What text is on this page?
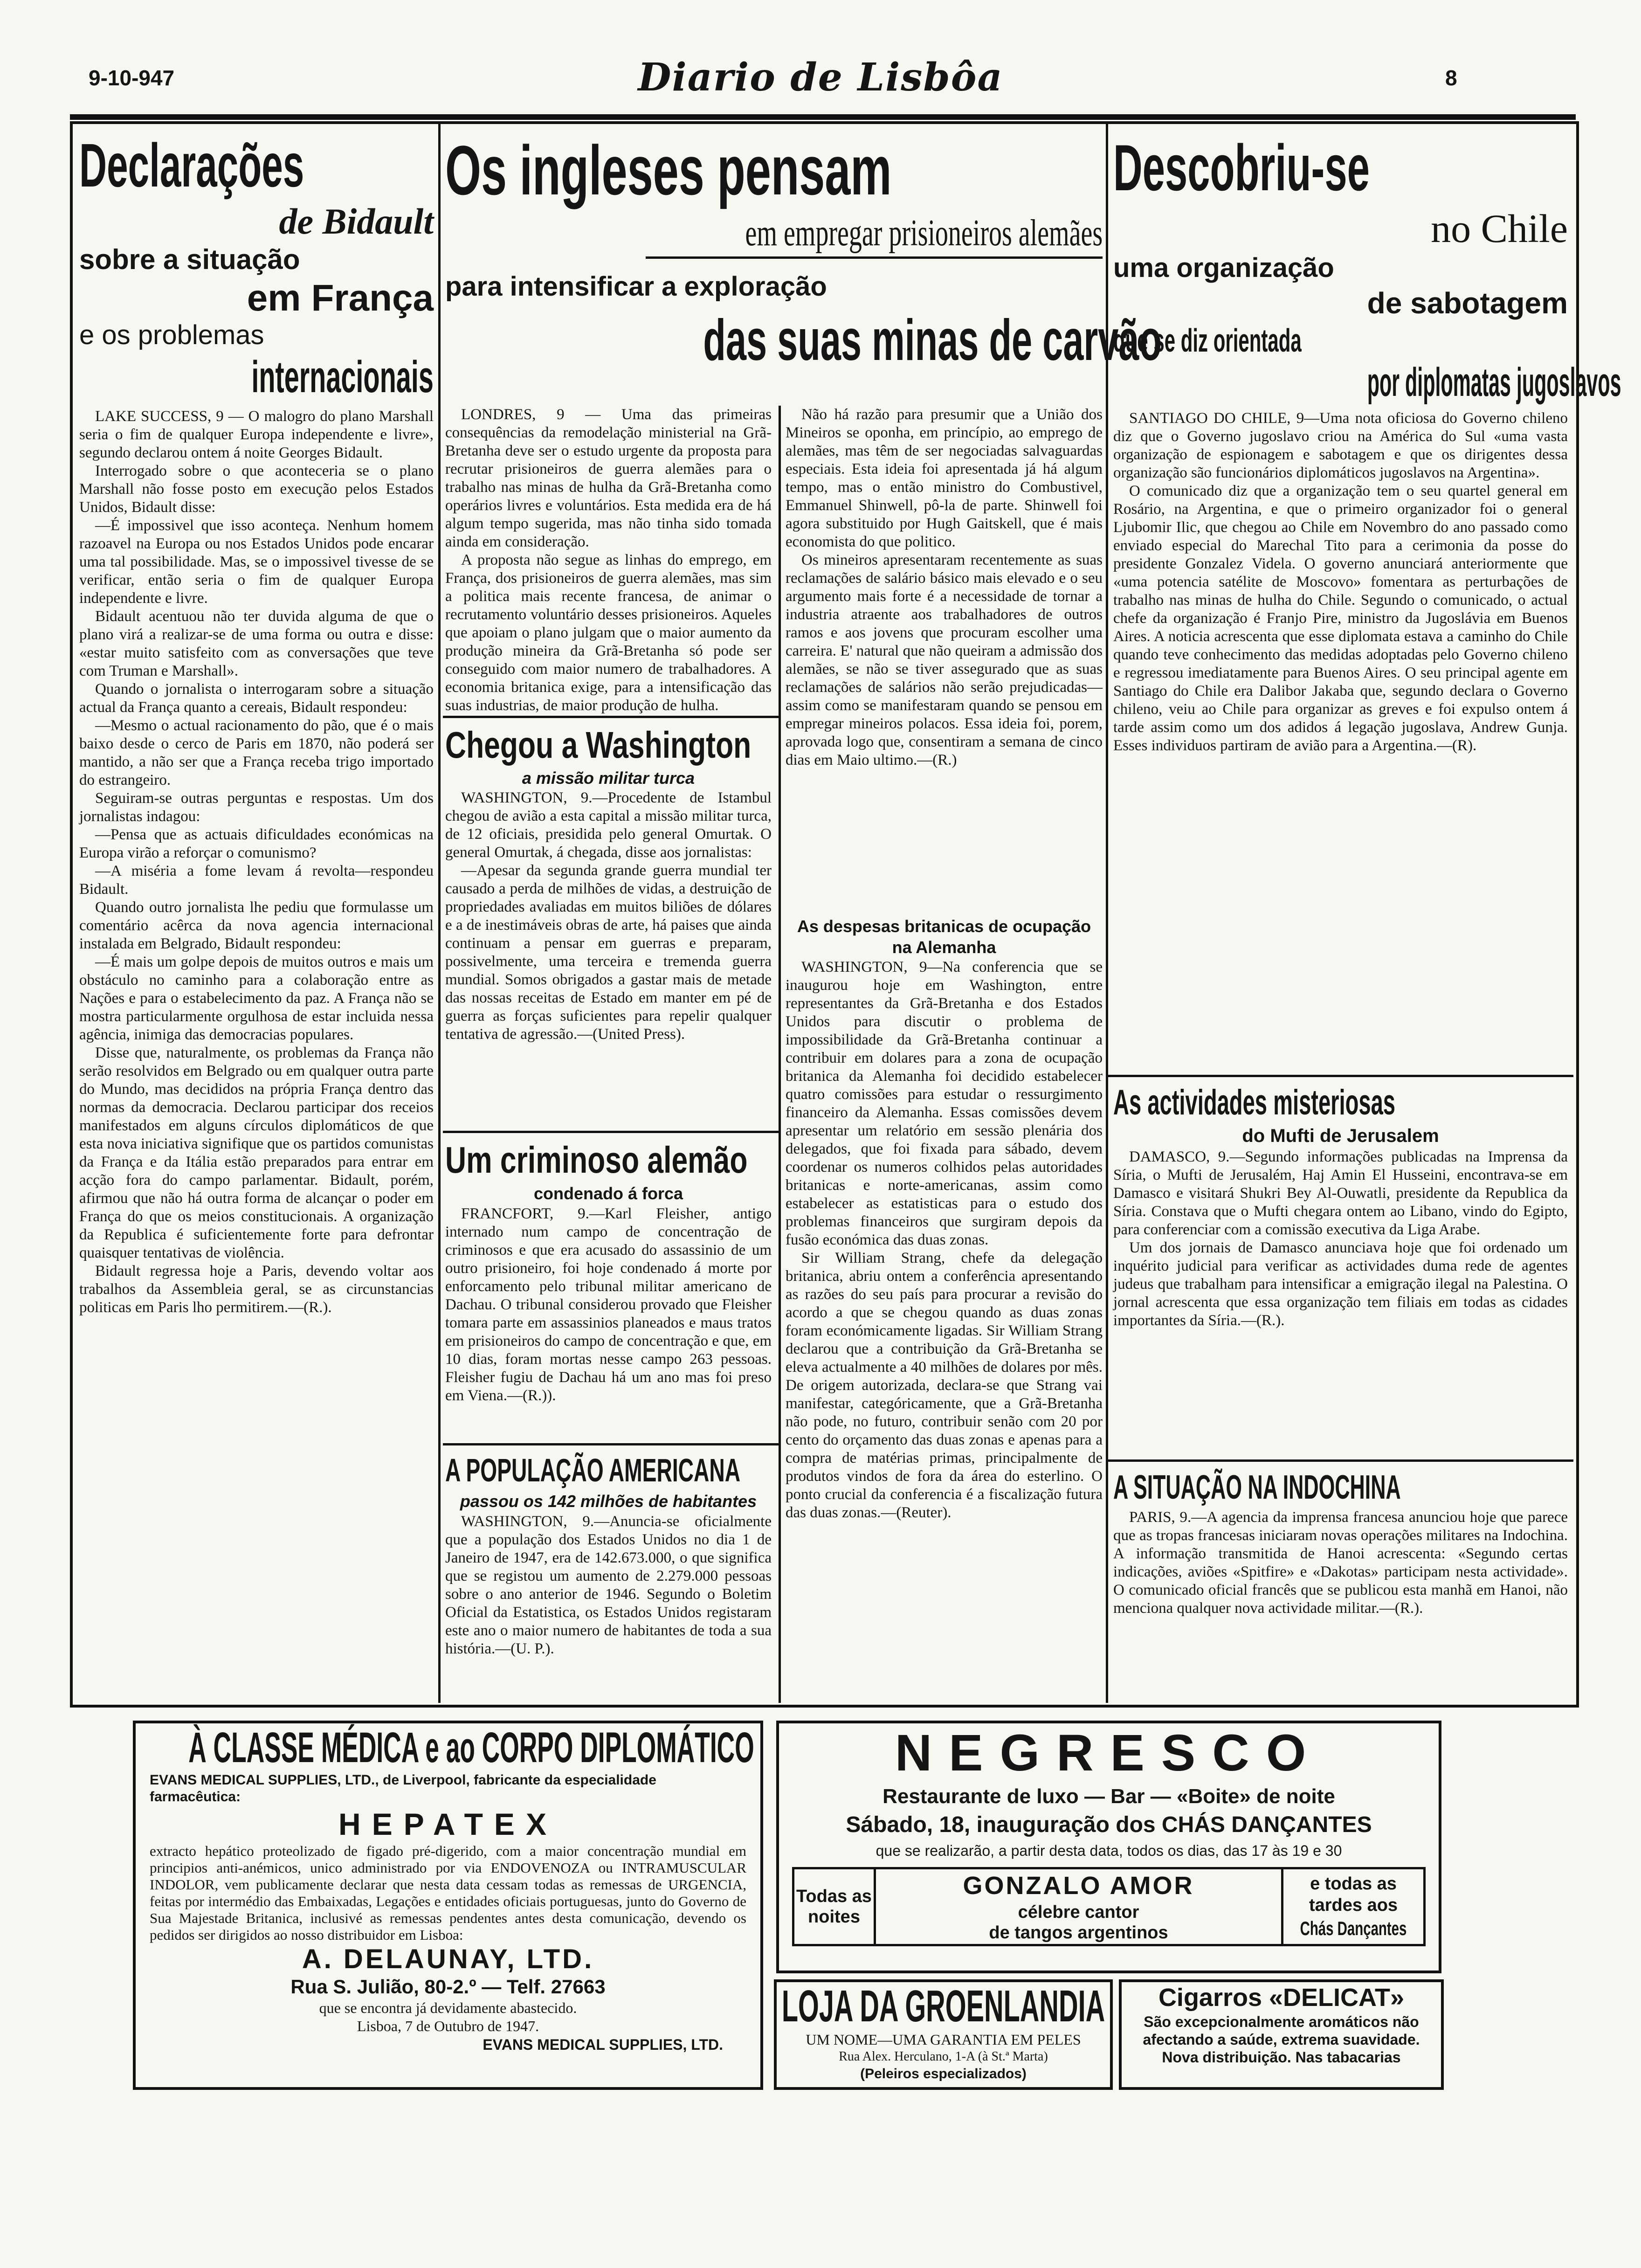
9-10-947	Diario de Lisbôa	8
Declarações
de Bidault
sobre a situação
em França
e os problemas
internacionais

LAKE SUCCESS, 9 — O malogro do plano Marshall seria o fim de qualquer Europa independente e livre», segundo declarou ontem á noite Georges Bidault.

Interrogado sobre o que aconteceria se o plano Marshall não fosse posto em execução pelos Estados Unidos, Bidault disse:

—É impossivel que isso aconteça. Nenhum homem razoavel na Europa ou nos Estados Unidos pode encarar uma tal possibilidade. Mas, se o impossivel tivesse de se verificar, então seria o fim de qualquer Europa independente e livre.

Bidault acentuou não ter duvida alguma de que o plano virá a realizar-se de uma forma ou outra e disse: «estar muito satisfeito com as conversações que teve com Truman e Marshall».

Quando o jornalista o interrogaram sobre a situação actual da França quanto a cereais, Bidault respondeu:

—Mesmo o actual racionamento do pão, que é o mais baixo desde o cerco de Paris em 1870, não poderá ser mantido, a não ser que a França receba trigo importado do estrangeiro.

Seguiram-se outras perguntas e respostas. Um dos jornalistas indagou:

—Pensa que as actuais dificuldades económicas na Europa virão a reforçar o comunismo?

—A miséria a fome levam á revolta—respondeu Bidault.

Quando outro jornalista lhe pediu que formulasse um comentário acêrca da nova agencia internacional instalada em Belgrado, Bidault respondeu:

—É mais um golpe depois de muitos outros e mais um obstáculo no caminho para a colaboração entre as Nações e para o estabelecimento da paz. A França não se mostra particularmente orgulhosa de estar incluida nessa agência, inimiga das democracias populares.

Disse que, naturalmente, os problemas da França não serão resolvidos em Belgrado ou em qualquer outra parte do Mundo, mas decididos na própria França dentro das normas da democracia. Declarou participar dos receios manifestados em alguns círculos diplomáticos de que esta nova iniciativa signifique que os partidos comunistas da França e da Itália estão preparados para entrar em acção fora do campo parlamentar. Bidault, porém, afirmou que não há outra forma de alcançar o poder em França do que os meios constitucionais. A organização da Republica é suficientemente forte para defrontar quaisquer tentativas de violência.

Bidault regressa hoje a Paris, devendo voltar aos trabalhos da Assembleia geral, se as circunstancias politicas em Paris lho permitirem.—(R.).

Os ingleses pensam
em empregar prisioneiros alemães
para intensificar a exploração
das suas minas de carvão

LONDRES, 9 — Uma das primeiras consequências da remodelação ministerial na Grã-Bretanha deve ser o estudo urgente da proposta para recrutar prisioneiros de guerra alemães para o trabalho nas minas de hulha da Grã-Bretanha como operários livres e voluntários. Esta medida era de há algum tempo sugerida, mas não tinha sido tomada ainda em consideração.

A proposta não segue as linhas do emprego, em França, dos prisioneiros de guerra alemães, mas sim a politica mais recente francesa, de animar o recrutamento voluntário desses prisioneiros. Aqueles que apoiam o plano julgam que o maior aumento da produção mineira da Grã-Bretanha só pode ser conseguido com maior numero de trabalhadores. A economia britanica exige, para a intensificação das suas industrias, de maior produção de hulha.

Não há razão para presumir que a União dos Mineiros se oponha, em princípio, ao emprego de alemães, mas têm de ser negociadas salvaguardas especiais. Esta ideia foi apresentada já há algum tempo, mas o então ministro do Combustivel, Emmanuel Shinwell, pô-la de parte. Shinwell foi agora substituido por Hugh Gaitskell, que é mais economista do que politico.

Os mineiros apresentaram recentemente as suas reclamações de salário básico mais elevado e o seu argumento mais forte é a necessidade de tornar a industria atraente aos trabalhadores de outros ramos e aos jovens que procuram escolher uma carreira. E' natural que não queiram a admissão dos alemães, se não se tiver assegurado que as suas reclamações de salários não serão prejudicadas—assim como se manifestaram quando se pensou em empregar mineiros polacos. Essa ideia foi, porem, aprovada logo que, consentiram a semana de cinco dias em Maio ultimo.—(R.)

Chegou a Washington
a missão militar turca

WASHINGTON, 9.—Procedente de Istambul chegou de avião a esta capital a missão militar turca, de 12 oficiais, presidida pelo general Omurtak. O general Omurtak, á chegada, disse aos jornalistas:

—Apesar da segunda grande guerra mundial ter causado a perda de milhões de vidas, a destruição de propriedades avaliadas em muitos biliões de dólares e a de inestimáveis obras de arte, há paises que ainda continuam a pensar em guerras e preparam, possivelmente, uma terceira e tremenda guerra mundial. Somos obrigados a gastar mais de metade das nossas receitas de Estado em manter em pé de guerra as forças suficientes para repelir qualquer tentativa de agressão.—(United Press).

Um criminoso alemão
condenado á forca

FRANCFORT, 9.—Karl Fleisher, antigo internado num campo de concentração de criminosos e que era acusado do assassinio de um outro prisioneiro, foi hoje condenado á morte por enforcamento pelo tribunal militar americano de Dachau. O tribunal considerou provado que Fleisher tomara parte em assassinios planeados e maus tratos em prisioneiros do campo de concentração e que, em 10 dias, foram mortas nesse campo 263 pessoas. Fleisher fugiu de Dachau há um ano mas foi preso em Viena.—(R.)).

A POPULAÇÃO AMERICANA
passou os 142 milhões de habitantes

WASHINGTON, 9.—Anuncia-se oficialmente que a população dos Estados Unidos no dia 1 de Janeiro de 1947, era de 142.673.000, o que significa que se registou um aumento de 2.279.000 pessoas sobre o ano anterior de 1946. Segundo o Boletim Oficial da Estatistica, os Estados Unidos registaram este ano o maior numero de habitantes de toda a sua história.—(U. P.).

As despesas britanicas de ocupação
na Alemanha

WASHINGTON, 9—Na conferencia que se inaugurou hoje em Washington, entre representantes da Grã-Bretanha e dos Estados Unidos para discutir o problema de impossibilidade da Grã-Bretanha continuar a contribuir em dolares para a zona de ocupação britanica da Alemanha foi decidido estabelecer quatro comissões para estudar o ressurgimento financeiro da Alemanha. Essas comissões devem apresentar um relatório em sessão plenária dos delegados, que foi fixada para sábado, devem coordenar os numeros colhidos pelas autoridades britanicas e norte-americanas, assim como estabelecer as estatisticas para o estudo dos problemas financeiros que surgiram depois da fusão económica das duas zonas.

Sir William Strang, chefe da delegação britanica, abriu ontem a conferência apresentando as razões do seu país para procurar a revisão do acordo a que se chegou quando as duas zonas foram económicamente ligadas. Sir William Strang declarou que a contribuição da Grã-Bretanha se eleva actualmente a 40 milhões de dolares por mês. De origem autorizada, declara-se que Strang vai manifestar, categóricamente, que a Grã-Bretanha não pode, no futuro, contribuir senão com 20 por cento do orçamento das duas zonas e apenas para a compra de matérias primas, principalmente de produtos vindos de fora da área do esterlino. O ponto crucial da conferencia é a fiscalização futura das duas zonas.—(Reuter).

Descobriu-se
no Chile
uma organização
de sabotagem
que se diz orientada
por diplomatas jugoslavos

SANTIAGO DO CHILE, 9—Uma nota oficiosa do Governo chileno diz que o Governo jugoslavo criou na América do Sul «uma vasta organização de espionagem e sabotagem e que os dirigentes dessa organização são funcionários diplomáticos jugoslavos na Argentina».

O comunicado diz que a organização tem o seu quartel general em Rosário, na Argentina, e que o primeiro organizador foi o general Ljubomir Ilic, que chegou ao Chile em Novembro do ano passado como enviado especial do Marechal Tito para a cerimonia da posse do presidente Gonzalez Videla. O governo anunciará anteriormente que «uma potencia satélite de Moscovo» fomentara as perturbações de trabalho nas minas de hulha do Chile. Segundo o comunicado, o actual chefe da organização é Franjo Pire, ministro da Jugoslávia em Buenos Aires. A noticia acrescenta que esse diplomata estava a caminho do Chile quando teve conhecimento das medidas adoptadas pelo Governo chileno e regressou imediatamente para Buenos Aires. O seu principal agente em Santiago do Chile era Dalibor Jakaba que, segundo declara o Governo chileno, veiu ao Chile para organizar as greves e foi expulso ontem á tarde assim como um dos adidos á legação jugoslava, Andrew Gunja. Esses individuos partiram de avião para a Argentina.—(R).

As actividades misteriosas
do Mufti de Jerusalem

DAMASCO, 9.—Segundo informações publicadas na Imprensa da Síria, o Mufti de Jerusalém, Haj Amin El Husseini, encontrava-se em Damasco e visitará Shukri Bey Al-Ouwatli, presidente da Republica da Síria. Constava que o Mufti chegara ontem ao Libano, vindo do Egipto, para conferenciar com a comissão executiva da Liga Arabe.

Um dos jornais de Damasco anunciava hoje que foi ordenado um inquérito judicial para verificar as actividades duma rede de agentes judeus que trabalham para intensificar a emigração ilegal na Palestina. O jornal acrescenta que essa organização tem filiais em todas as cidades importantes da Síria.—(R.).

A SITUAÇÃO NA INDOCHINA

PARIS, 9.—A agencia da imprensa francesa anunciou hoje que parece que as tropas francesas iniciaram novas operações militares na Indochina. A informação transmitida de Hanoi acrescenta: «Segundo certas indicações, aviões «Spitfire» e «Dakotas» participam nesta actividade». O comunicado oficial francês que se publicou esta manhã em Hanoi, não menciona qualquer nova actividade militar.—(R.).

À CLASSE MÉDICA e ao CORPO DIPLOMÁTICO
EVANS MEDICAL SUPPLIES, LTD., de Liverpool, fabricante da especialidade farmacêutica:
HEPATEX
extracto hepático proteolizado de figado pré-digerido, com a maior concentração mundial em principios anti-anémicos, unico administrado por via ENDOVENOZA ou INTRAMUSCULAR INDOLOR, vem publicamente declarar que nesta data cessam todas as remessas de URGENCIA, feitas por intermédio das Embaixadas, Legações e entidades oficiais portuguesas, junto do Governo de Sua Majestade Britanica, inclusivé as remessas pendentes antes desta comunicação, devendo os pedidos ser dirigidos ao nosso distribuidor em Lisboa:
A. DELAUNAY, LTD.
Rua S. Julião, 80-2.º — Telf. 27663
que se encontra já devidamente abastecido.
Lisboa, 7 de Outubro de 1947.
EVANS MEDICAL SUPPLIES, LTD.
NEGRESCO
Restaurante de luxo — Bar — «Boite» de noite
Sábado, 18, inauguração dos CHÁS DANÇANTES
que se realizarão, a partir desta data, todos os dias, das 17 às 19 e 30
Todas as noites
GONZALO AMOR
célebre cantor
de tangos argentinos
e todas as tardes aos
Chás Dançantes
LOJA DA GROENLANDIA
UM NOME—UMA GARANTIA EM PELES
Rua Alex. Herculano, 1-A (à St.ª Marta)
(Peleiros especializados)
Cigarros «DELICAT»
São excepcionalmente aromáticos não afectando a saúde, extrema suavidade. Nova distribuição. Nas tabacarias
